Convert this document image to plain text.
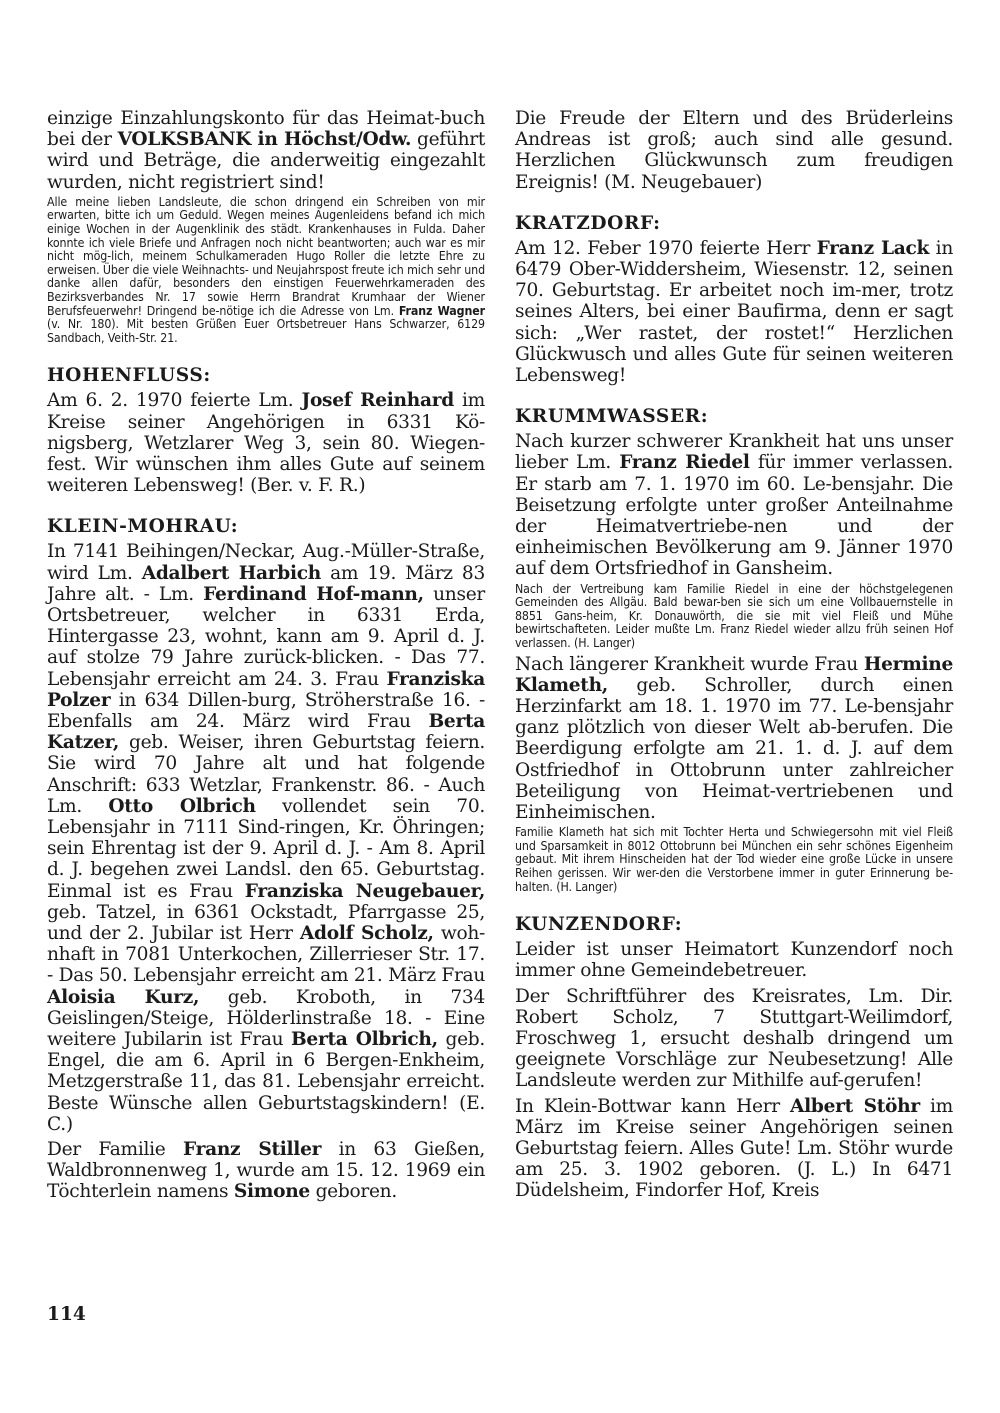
einzige Einzahlungskonto für das Heimat-buch bei der VOLKSBANK in Höchst/Odw. geführt wird und Beträge, die anderweitig eingezahlt wurden, nicht registriert sind!

Alle meine lieben Landsleute, die schon dringend ein Schreiben von mir erwarten, bitte ich um Geduld. Wegen meines Augenleidens befand ich mich einige Wochen in der Augenklinik des städt. Krankenhauses in Fulda. Daher konnte ich viele Briefe und Anfragen noch nicht beantworten; auch war es mir nicht mög-lich, meinem Schulkameraden Hugo Roller die letzte Ehre zu erweisen. Über die viele Weihnachts- und Neujahrspost freute ich mich sehr und danke allen dafür, besonders den einstigen Feuerwehrkameraden des Bezirksverbandes Nr. 17 sowie Herrn Brandrat Krumhaar der Wiener Berufsfeuerwehr! Dringend be-nötige ich die Adresse von Lm. Franz Wagner (v. Nr. 180). Mit besten Grüßen Euer Ortsbetreuer Hans Schwarzer, 6129 Sandbach, Veith-Str. 21.

HOHENFLUSS:

Am 6. 2. 1970 feierte Lm. Josef Reinhard im Kreise seiner Angehörigen in 6331 Kö-nigsberg, Wetzlarer Weg 3, sein 80. Wiegen-fest. Wir wünschen ihm alles Gute auf seinem weiteren Lebensweg! (Ber. v. F. R.)

KLEIN-MOHRAU:

In 7141 Beihingen/Neckar, Aug.-Müller-Straße, wird Lm. Adalbert Harbich am 19. März 83 Jahre alt. - Lm. Ferdinand Hof-mann, unser Ortsbetreuer, welcher in 6331 Erda, Hintergasse 23, wohnt, kann am 9. April d. J. auf stolze 79 Jahre zurück-blicken. - Das 77. Lebensjahr erreicht am 24. 3. Frau Franziska Polzer in 634 Dillen-burg, Ströherstraße 16. - Ebenfalls am 24. März wird Frau Berta Katzer, geb. Weiser, ihren Geburtstag feiern. Sie wird 70 Jahre alt und hat folgende Anschrift: 633 Wetzlar, Frankenstr. 86. - Auch Lm. Otto Olbrich vollendet sein 70. Lebensjahr in 7111 Sind-ringen, Kr. Öhringen; sein Ehrentag ist der 9. April d. J. - Am 8. April d. J. begehen zwei Landsl. den 65. Geburtstag. Einmal ist es Frau Franziska Neugebauer, geb. Tatzel, in 6361 Ockstadt, Pfarrgasse 25, und der 2. Jubilar ist Herr Adolf Scholz, woh-nhaft in 7081 Unterkochen, Zillerrieser Str. 17. - Das 50. Lebensjahr erreicht am 21. März Frau Aloisia Kurz, geb. Kroboth, in 734 Geislingen/Steige, Hölderlinstraße 18. - Eine weitere Jubilarin ist Frau Berta Olbrich, geb. Engel, die am 6. April in 6 Bergen-Enkheim, Metzgerstraße 11, das 81. Lebensjahr erreicht. Beste Wünsche allen Geburtstagskindern! (E. C.)

Der Familie Franz Stiller in 63 Gießen, Waldbronnenweg 1, wurde am 15. 12. 1969 ein Töchterlein namens Simone geboren.

Die Freude der Eltern und des Brüderleins Andreas ist groß; auch sind alle gesund. Herzlichen Glückwunsch zum freudigen Ereignis! (M. Neugebauer)

KRATZDORF:

Am 12. Feber 1970 feierte Herr Franz Lack in 6479 Ober-Widdersheim, Wiesenstr. 12, seinen 70. Geburtstag. Er arbeitet noch im-mer, trotz seines Alters, bei einer Baufirma, denn er sagt sich: „Wer rastet, der rostet!“ Herzlichen Glückwusch und alles Gute für seinen weiteren Lebensweg!

KRUMMWASSER:

Nach kurzer schwerer Krankheit hat uns unser lieber Lm. Franz Riedel für immer verlassen. Er starb am 7. 1. 1970 im 60. Le-bensjahr. Die Beisetzung erfolgte unter großer Anteilnahme der Heimatvertriebe-nen und der einheimischen Bevölkerung am 9. Jänner 1970 auf dem Ortsfriedhof in Gansheim.

Nach der Vertreibung kam Familie Riedel in eine der höchstgelegenen Gemeinden des Allgäu. Bald bewar-ben sie sich um eine Vollbauernstelle in 8851 Gans-heim, Kr. Donauwörth, die sie mit viel Fleiß und Mühe bewirtschafteten. Leider mußte Lm. Franz Riedel wieder allzu früh seinen Hof verlassen. (H. Langer)

Nach längerer Krankheit wurde Frau Hermine Klameth, geb. Schroller, durch einen Herzinfarkt am 18. 1. 1970 im 77. Le-bensjahr ganz plötzlich von dieser Welt ab-berufen. Die Beerdigung erfolgte am 21. 1. d. J. auf dem Ostfriedhof in Ottobrunn unter zahlreicher Beteiligung von Heimat-vertriebenen und Einheimischen.

Familie Klameth hat sich mit Tochter Herta und Schwiegersohn mit viel Fleiß und Sparsamkeit in 8012 Ottobrunn bei München ein sehr schönes Eigenheim gebaut. Mit ihrem Hinscheiden hat der Tod wieder eine große Lücke in unsere Reihen gerissen. Wir wer-den die Verstorbene immer in guter Erinnerung be-halten. (H. Langer)

KUNZENDORF:

Leider ist unser Heimatort Kunzendorf noch immer ohne Gemeindebetreuer.

Der Schriftführer des Kreisrates, Lm. Dir. Robert Scholz, 7 Stuttgart-Weilimdorf, Froschweg 1, ersucht deshalb dringend um geeignete Vorschläge zur Neubesetzung! Alle Landsleute werden zur Mithilfe auf-gerufen!

In Klein-Bottwar kann Herr Albert Stöhr im März im Kreise seiner Angehörigen seinen Geburtstag feiern. Alles Gute! Lm. Stöhr wurde am 25. 3. 1902 geboren. (J. L.) In 6471 Düdelsheim, Findorfer Hof, Kreis

114
